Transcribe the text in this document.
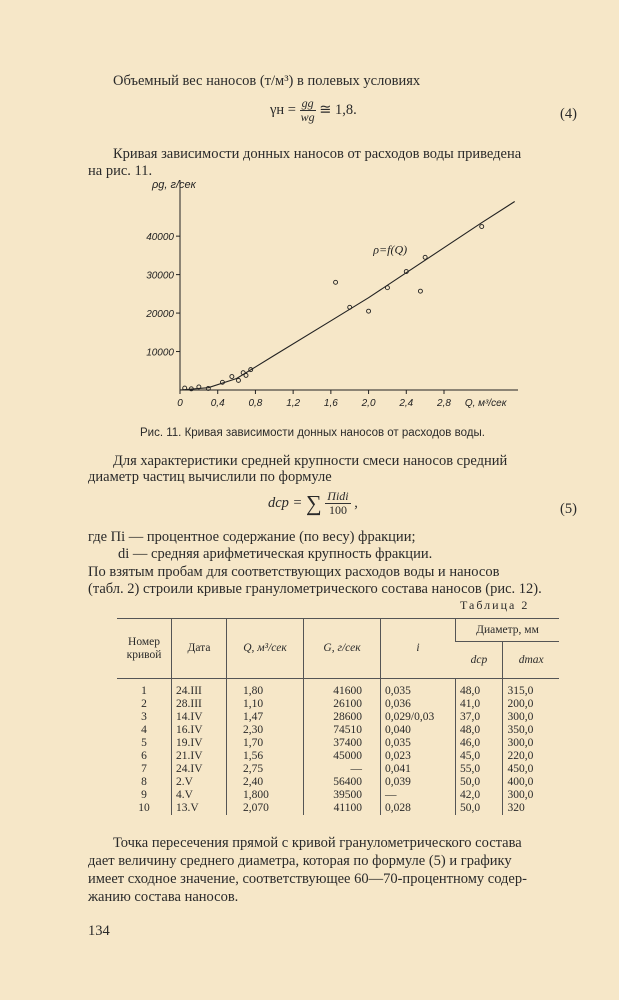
Объемный вес наносов (т/м³) в полевых условиях
$\gamma н = \frac{gg}{wg}$ ≅ 1,8.	(4)
Кривая зависимости донных наносов от расходов воды приведена
на рис. 11.
0	0,4 0,8 1,2 1,6 2,0 2,4 2,8
10000
20000
30000
40000
ρg, г/сек
Q, м³/сек
ρ=f(Q)
Рис. 11. Кривая зависимости донных наносов от расходов воды.
Для характеристики средней крупности смеси наносов средний
диаметр частиц вычислили по формуле
dср = ∑ $\frac{\text{Πidi}}{100}$ ,	(5)
где Πi — процентное содержание (по весу) фракции;
di — средняя арифметическая крупность фракции.
По взятым пробам для соответствующих расходов воды и наносов
(табл. 2) строили кривые гранулометрического состава наносов (рис. 12).
Таблица 2
Номер кривой	Дата	Q, м³/сек	G, г/сек	i	Диаметр, мм	
					dср	dmax
1	24.III	1,80	41600	0,035	48,0	315,0
2	28.III	1,10	26100	0,036	41,0	200,0
3	14.IV	1,47	28600	0,029/0,03	37,0	300,0
4	16.IV	2,30	74510	0,040	48,0	350,0
5	19.IV	1,70	37400	0,035	46,0	300,0
6	21.IV	1,56	45000	0,023	45,0	220,0
7	24.IV	2,75	—	0,041	55,0	450,0
8	2.V	2,40	56400	0,039	50,0	400,0
9	4.V	1,800	39500	—	42,0	300,0
10	13.V	2,070	41100	0,028	50,0	320
Точка пересечения прямой с кривой гранулометрического состава
дает величину среднего диаметра, которая по формуле (5) и графику
имеет сходное значение, соответствующее 60—70-процентному содер-
жанию состава наносов.
134
